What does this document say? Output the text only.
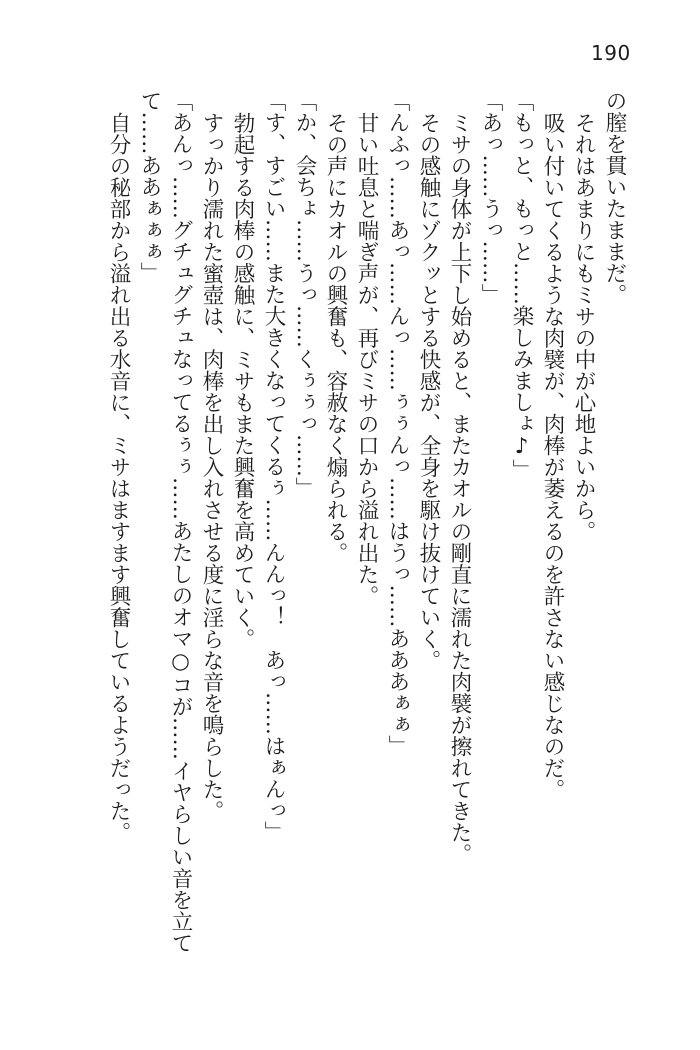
190

の膣を貫いたままだ。

それはあまりにもミサの中が心地よいから。

吸い付いてくるような肉襞が、肉棒が萎えるのを許さない感じなのだ。

「もっと、もっと……楽しみましょ♪」

「あっ……うっ……」

ミサの身体が上下し始めると、またカオルの剛直に濡れた肉襞が擦れてきた。

その感触にゾクッとする快感が、全身を駆け抜けていく。

「んふっ……あっ……んっ……ぅぅんっ……はうっ……あああぁぁ」

甘い吐息と喘ぎ声が、再びミサの口から溢れ出た。

その声にカオルの興奮も、容赦なく煽られる。

「か、会ちょ……うっ……くぅぅっ……」

「す、すごい……また大きくなってくるぅ……んんっ！　あっ……はぁんっ」

勃起する肉棒の感触に、ミサもまた興奮を高めていく。

すっかり濡れた蜜壺は、肉棒を出し入れさせる度に淫らな音を鳴らした。

「あんっ……グチュグチュなってるぅぅ……あたしのオマ○コが……イヤらしい音を立てて……ああぁぁぁ」

自分の秘部から溢れ出る水音に、ミサはますます興奮しているようだった。
